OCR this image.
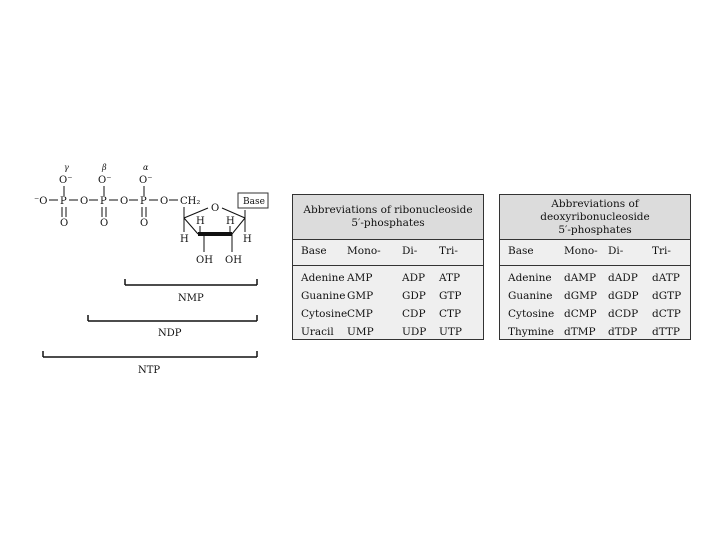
γ	β	α
O⁻	O⁻	O⁻
⁻O P O P O P O CH₂
O	O	O
O
Base
H	H
H H
OH OH
NMP
NDP
NTP
Abbreviations of ribonucleoside
5′-phosphates
Base Mono- Di- Tri-
Adenine AMP	ADP ATP
Guanine GMP	GDP GTP
Cytosine CMP	CDP CTP
Uracil UMP	UDP UTP
Abbreviations of deoxyribonucleoside
5′-phosphates
Base	Mono- Di-	Tri-
Adenine dAMP dADP dATP
Guanine dGMP dGDP dGTP
Cytosine dCMP dCDP dCTP
Thymine dTMP dTDP dTTP
